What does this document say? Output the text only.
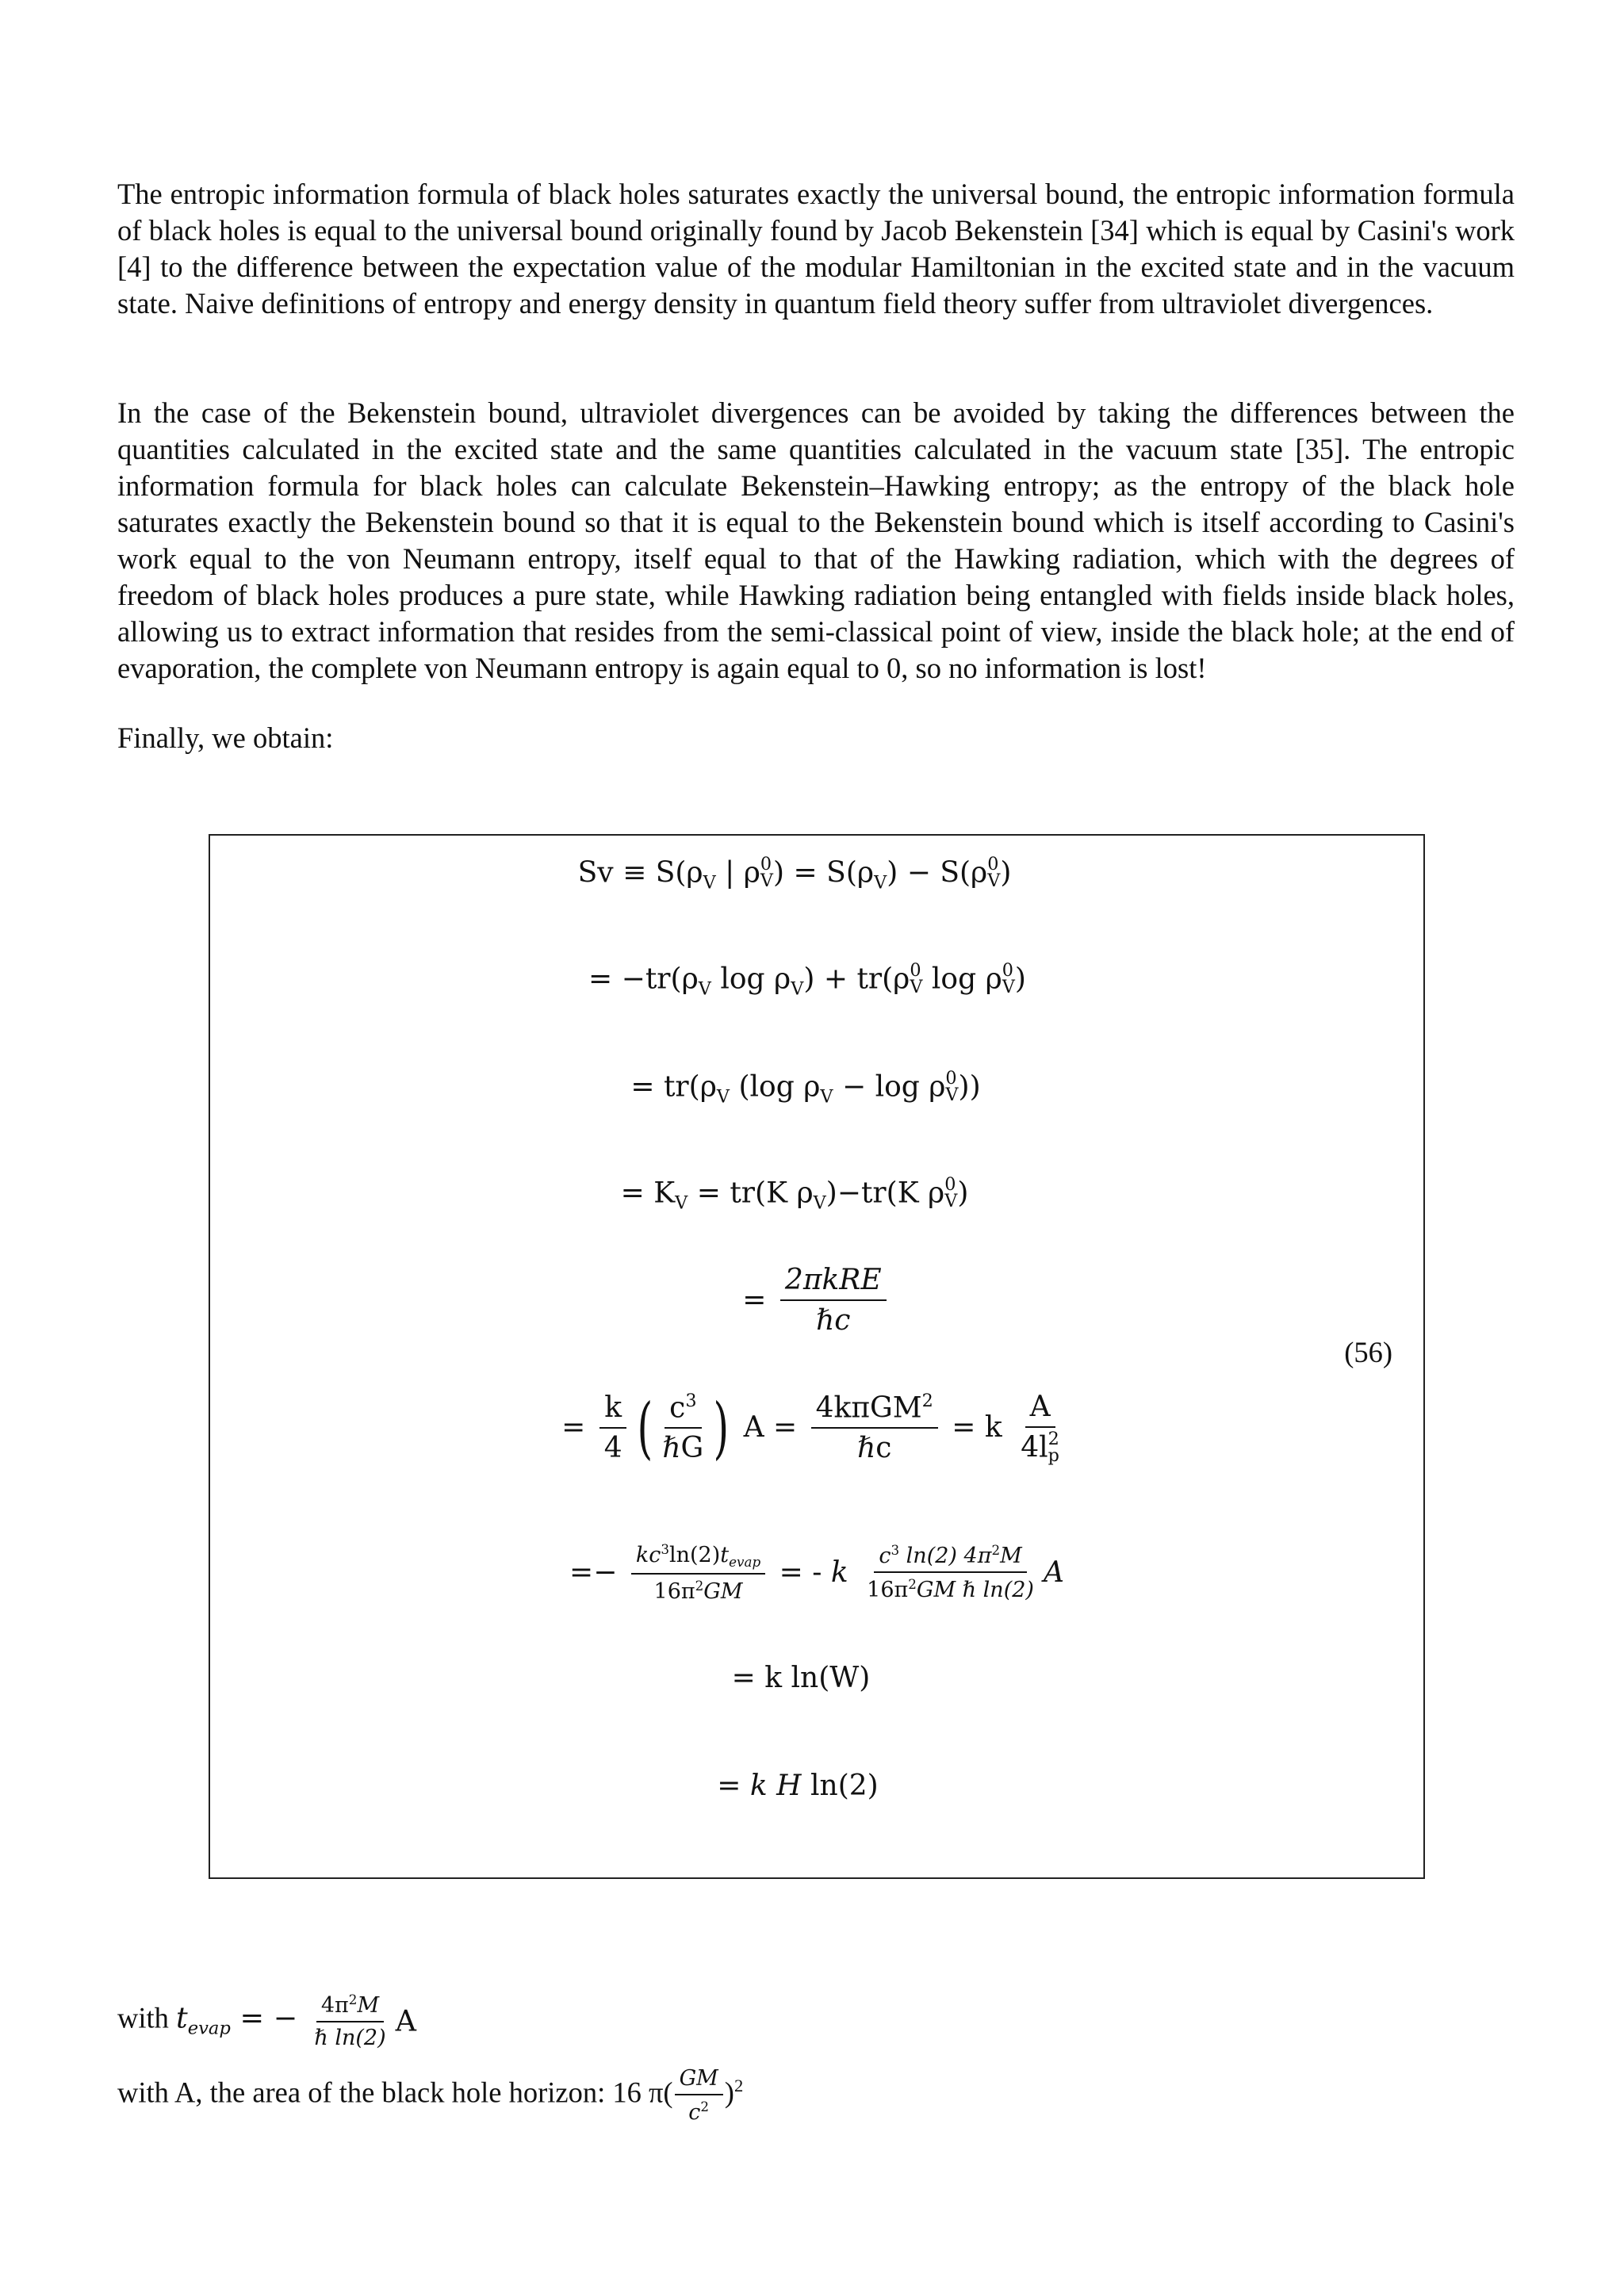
The entropic information formula of black holes saturates exactly the universal bound, the entropic information formula of black holes is equal to the universal bound originally found by Jacob Bekenstein [34] which is equal by Casini's work [4] to the difference between the expectation value of the modular Hamiltonian in the excited state and in the vacuum state. Naive definitions of entropy and energy density in quantum field theory suffer from ultraviolet divergences.

In the case of the Bekenstein bound, ultraviolet divergences can be avoided by taking the differences between the quantities calculated in the excited state and the same quantities calculated in the vacuum state [35]. The entropic information formula for black holes can calculate Bekenstein–Hawking entropy; as the entropy of the black hole saturates exactly the Bekenstein bound so that it is equal to the Bekenstein bound which is itself according to Casini's work equal to the von Neumann entropy, itself equal to that of the Hawking radiation, which with the degrees of freedom of black holes produces a pure state, while Hawking radiation being entangled with fields inside black holes, allowing us to extract information that resides from the semi-classical point of view, inside the black hole; at the end of evaporation, the complete von Neumann entropy is again equal to 0, so no information is lost!

Finally, we obtain:

$Sv \equiv S(\rho_V$ | ρ 0
V ) = $S(\rho_V) - S(\rho$ 0
V )
= $-tr(\rho_V$ $\log \rho_V) + tr(\rho$ 0
V log ρ 0
V )
= $tr(\rho_V$ (log $\rho_V - \log \rho$ 0
V ))
= $K_V = tr(K$ $\rho_V)-tr(K$ ρ 0
V )
= $\frac{\text{2πkRE}}{\text{ℏc}}$
= $\frac{k}{4}$ ( $\frac{c^3}{\text{ℏG}}$ ) $A = \frac{4k\pi GM^2}{\text{ℏc}} = k$ A
4l 2
p
=− $\frac{kc^3\ln(2)t_{evap}}{16\pi^2GM}$ = - k $\frac{c^3 \ln(2) 4\pi^2M}{16\pi^2GM \hbar \ln(2)}$ A
= k ln(W)
= k H ln(2)
(56)
with $t_{evap}$ = − $\frac{4\pi^2M}{\text{ℏ ln(2)}}$ A
with A, the area of the black hole horizon: 16 $\pi( \frac{GM}{c^2} )^2$
